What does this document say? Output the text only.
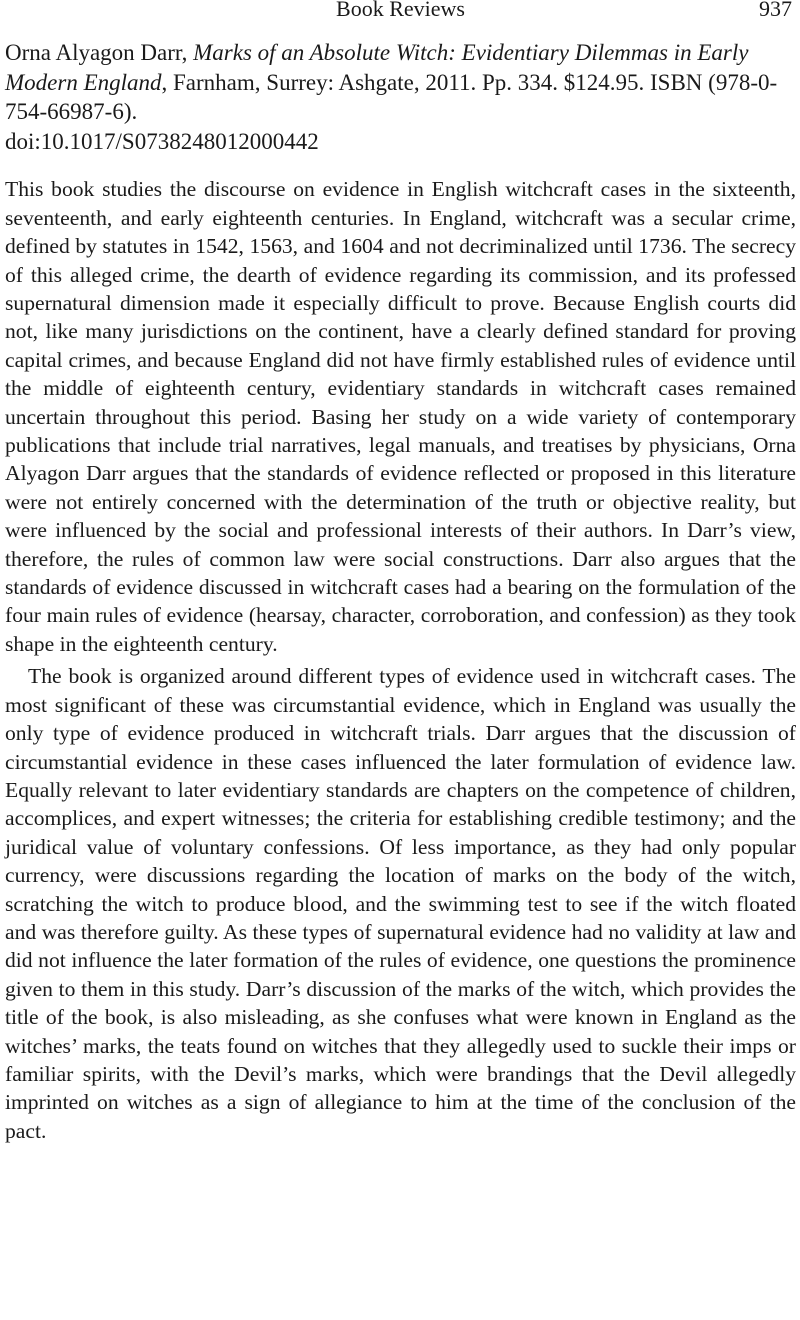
Book Reviews	937
Orna Alyagon Darr, Marks of an Absolute Witch: Evidentiary Dilemmas in Early Modern England, Farnham, Surrey: Ashgate, 2011. Pp. 334. $124.95. ISBN (978-0-754-66987-6).
doi:10.1017/S0738248012000442

This book studies the discourse on evidence in English witchcraft cases in the sixteenth, seventeenth, and early eighteenth centuries. In England, witchcraft was a secular crime, defined by statutes in 1542, 1563, and 1604 and not decriminalized until 1736. The secrecy of this alleged crime, the dearth of evidence regarding its commission, and its professed supernatural dimension made it especially difficult to prove. Because English courts did not, like many jurisdictions on the continent, have a clearly defined standard for proving capital crimes, and because England did not have firmly established rules of evidence until the middle of eighteenth century, evidentiary standards in witchcraft cases remained uncertain throughout this period. Basing her study on a wide variety of contemporary publications that include trial narratives, legal manuals, and treatises by physicians, Orna Alyagon Darr argues that the standards of evidence reflected or proposed in this literature were not entirely concerned with the determination of the truth or objective reality, but were influenced by the social and professional interests of their authors. In Darr’s view, therefore, the rules of common law were social constructions. Darr also argues that the standards of evidence discussed in witchcraft cases had a bearing on the formulation of the four main rules of evidence (hearsay, character, corroboration, and confession) as they took shape in the eighteenth century.

The book is organized around different types of evidence used in witchcraft cases. The most significant of these was circumstantial evidence, which in England was usually the only type of evidence produced in witchcraft trials. Darr argues that the discussion of circumstantial evidence in these cases influenced the later formulation of evidence law. Equally relevant to later evidentiary standards are chapters on the competence of children, accomplices, and expert witnesses; the criteria for establishing credible testimony; and the juridical value of voluntary confessions. Of less importance, as they had only popular currency, were discussions regarding the location of marks on the body of the witch, scratching the witch to produce blood, and the swimming test to see if the witch floated and was therefore guilty. As these types of supernatural evidence had no validity at law and did not influence the later formation of the rules of evidence, one questions the prominence given to them in this study. Darr’s discussion of the marks of the witch, which provides the title of the book, is also misleading, as she confuses what were known in England as the witches’ marks, the teats found on witches that they allegedly used to suckle their imps or familiar spirits, with the Devil’s marks, which were brandings that the Devil allegedly imprinted on witches as a sign of allegiance to him at the time of the conclusion of the pact.
